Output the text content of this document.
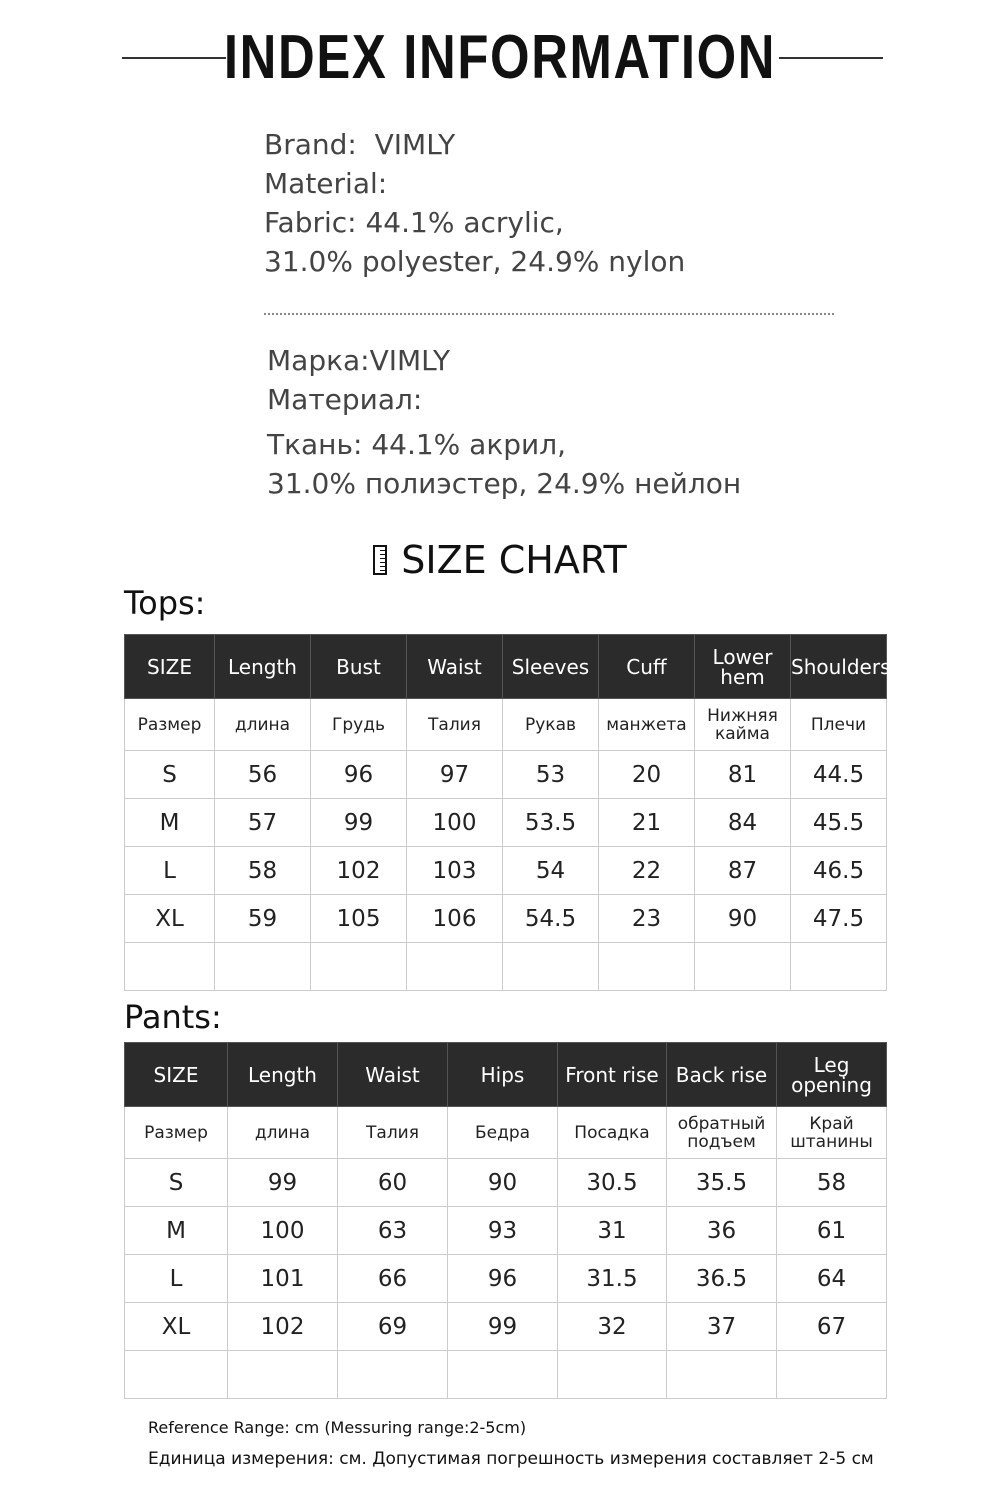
INDEX INFORMATION
Brand:  VIMLY
Material:
Fabric: 44.1% acrylic,
31.0% polyester, 24.9% nylon
Марка:VIMLY
Материал:
Ткань: 44.1% акрил,
31.0% полиэстер, 24.9% нейлон
SIZE CHART
Tops:
SIZE	Length	Bust	Waist	Sleeves	Cuff	Lower hem	Shoulders
Размер	длина	Грудь	Талия	Рукав	манжета	Нижняя кайма	Плечи
S	56	96	97	53	20	81	44.5
M	57	99	100	53.5	21	84	45.5
L	58	102	103	54	22	87	46.5
XL	59	105	106	54.5	23	90	47.5

Pants:
SIZE	Length	Waist	Hips	Front rise	Back rise	Leg opening
Размер	длина	Талия	Бедра	Посадка	обратный подъем	Край штанины
S	99	60	90	30.5	35.5	58
M	100	63	93	31	36	61
L	101	66	96	31.5	36.5	64
XL	102	69	99	32	37	67

Reference Range: cm (Messuring range:2-5cm)
Единица измерения: см. Допустимая погрешность измерения составляет 2-5 см
